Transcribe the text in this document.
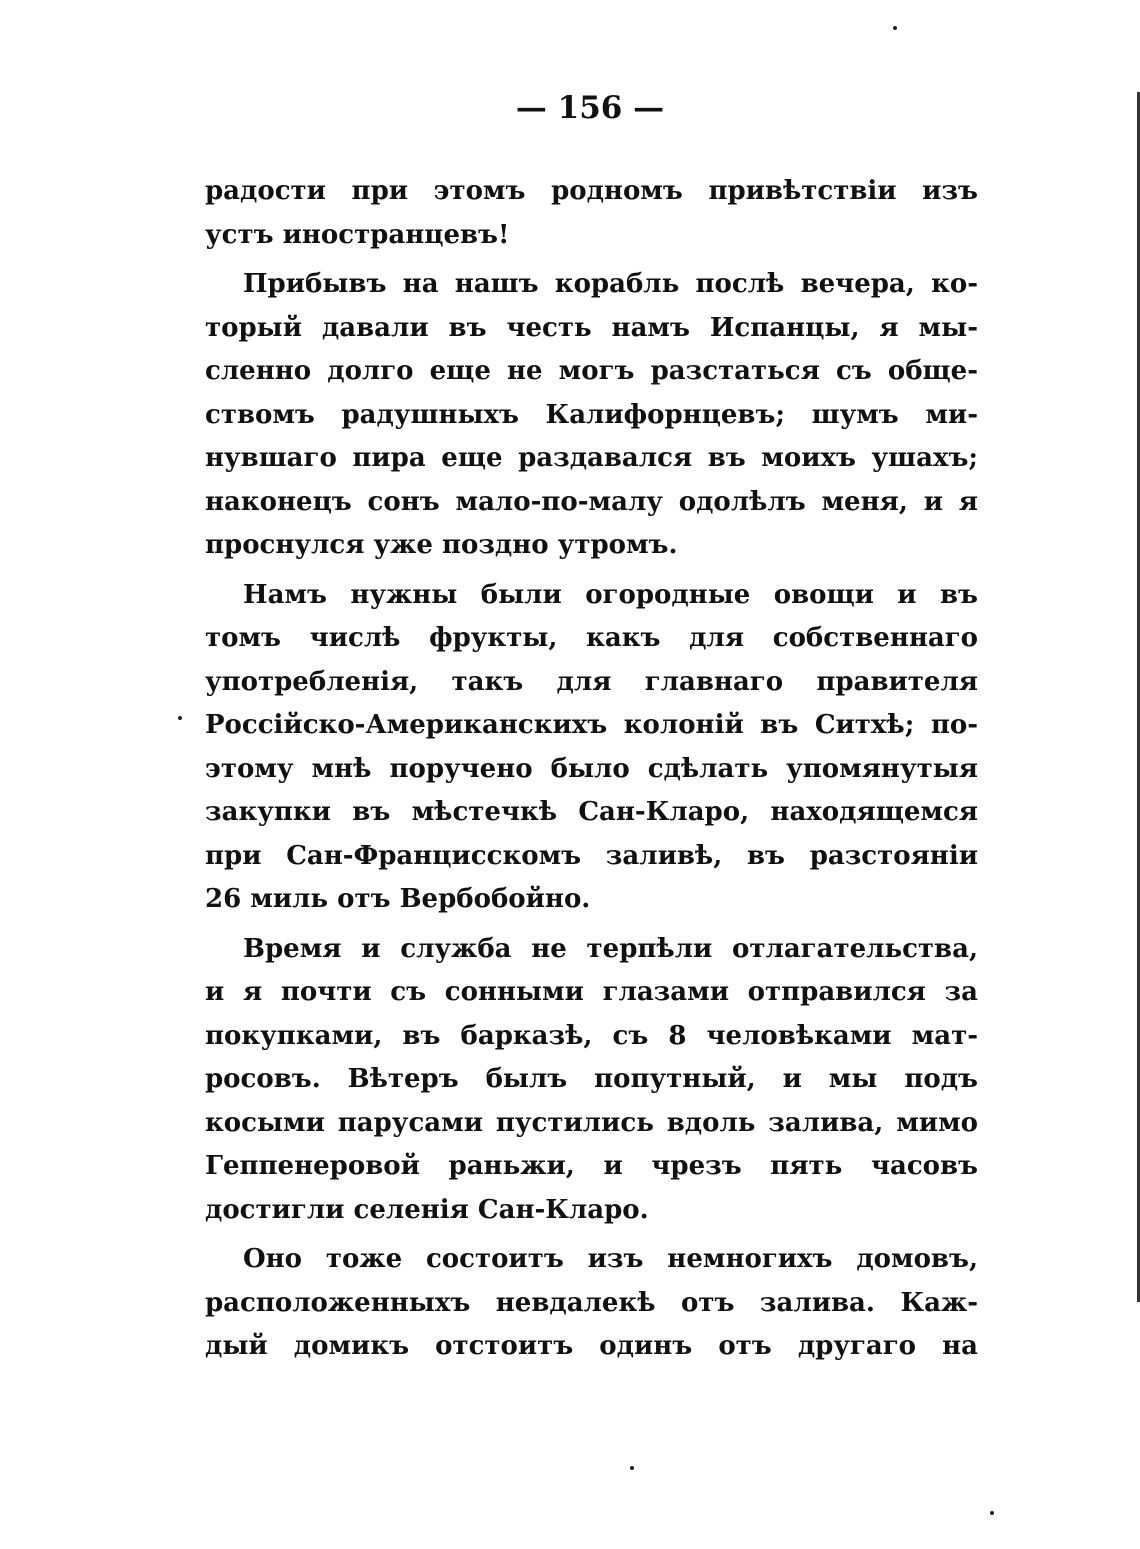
— 156 —
радости при этомъ родномъ привѣтствіи изъ
устъ иностранцевъ!
Прибывъ на нашъ корабль послѣ вечера, ко-
торый давали въ честь намъ Испанцы, я мы-
сленно долго еще не могъ разстаться съ обще-
ствомъ радушныхъ Калифорнцевъ; шумъ ми-
нувшаго пира еще раздавался въ моихъ ушахъ;
наконецъ сонъ мало-по-малу одолѣлъ меня, и я
проснулся уже поздно утромъ.
Намъ нужны были огородные овощи и въ
томъ числѣ фрукты, какъ для собственнаго
употребленія, такъ для главнаго правителя
Россійско-Американскихъ колоній въ Ситхѣ; по-
этому мнѣ поручено было сдѣлать упомянутыя
закупки въ мѣстечкѣ Сан-Кларо, находящемся
при Сан-Францисскомъ заливѣ, въ разстояніи
26 миль отъ Вербобойно.
Время и служба не терпѣли отлагательства,
и я почти съ сонными глазами отправился за
покупками, въ барказѣ, съ 8 человѣками мат-
росовъ. Вѣтеръ былъ попутный, и мы подъ
косыми парусами пустились вдоль залива, мимо
Геппенеровой раньжи, и чрезъ пять часовъ
достигли селенія Сан-Кларо.
Оно тоже состоитъ изъ немногихъ домовъ,
расположенныхъ невдалекѣ отъ залива. Каж-
дый домикъ отстоитъ одинъ отъ другаго на
